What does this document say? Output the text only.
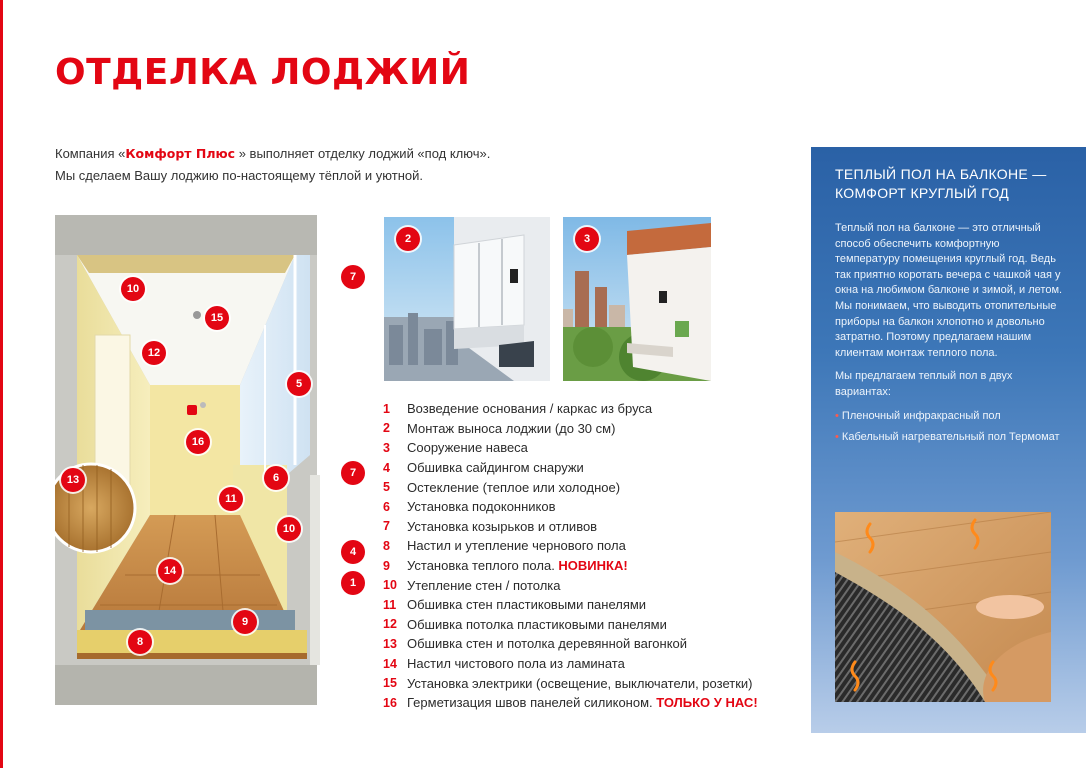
ОТДЕЛКА ЛОДЖИЙ
Компания «Комфорт Плюс » выполняет отделку лоджий «под ключ».
Мы сделаем Вашу лоджию по-настоящему тёплой и уютной.
10
15
12
16
13
11
14
8
9
7
5
6	7
10
4
1
2	3
1	Возведение основания / каркас из бруса
2	Монтаж выноса лоджии (до 30 см)
3	Сооружение навеса
4	Обшивка сайдингом снаружи
5	Остекление (теплое или холодное)
6	Установка подоконников
7	Установка козырьков и отливов
8	Настил и утепление чернового пола
9	Установка теплого пола. НОВИНКА!
10 Утепление стен / потолка
11 Обшивка стен пластиковыми панелями
12 Обшивка потолка пластиковыми панелями
13 Обшивка стен и потолка деревянной вагонкой
14 Настил чистового пола из ламината
15 Установка электрики (освещение, выключатели, розетки)
16 Герметизация швов панелей силиконом. ТОЛЬКО У НАС!
ТЕПЛЫЙ ПОЛ НА БАЛКОНЕ —
КОМФОРТ КРУГЛЫЙ ГОД

Теплый пол на балконе — это отличный способ обеспечить комфортную температуру помещения круглый год. Ведь так приятно коротать вечера с чашкой чая у окна на любимом балконе и зимой, и летом. Мы понимаем, что выводить отопительные приборы на балкон хлопотно и довольно затратно. Поэтому предлагаем нашим клиентам монтаж теплого пола.

Мы предлагаем теплый пол в двух вариантах:

• Пленочный инфракрасный пол
• Кабельный нагревательный пол Термомат
